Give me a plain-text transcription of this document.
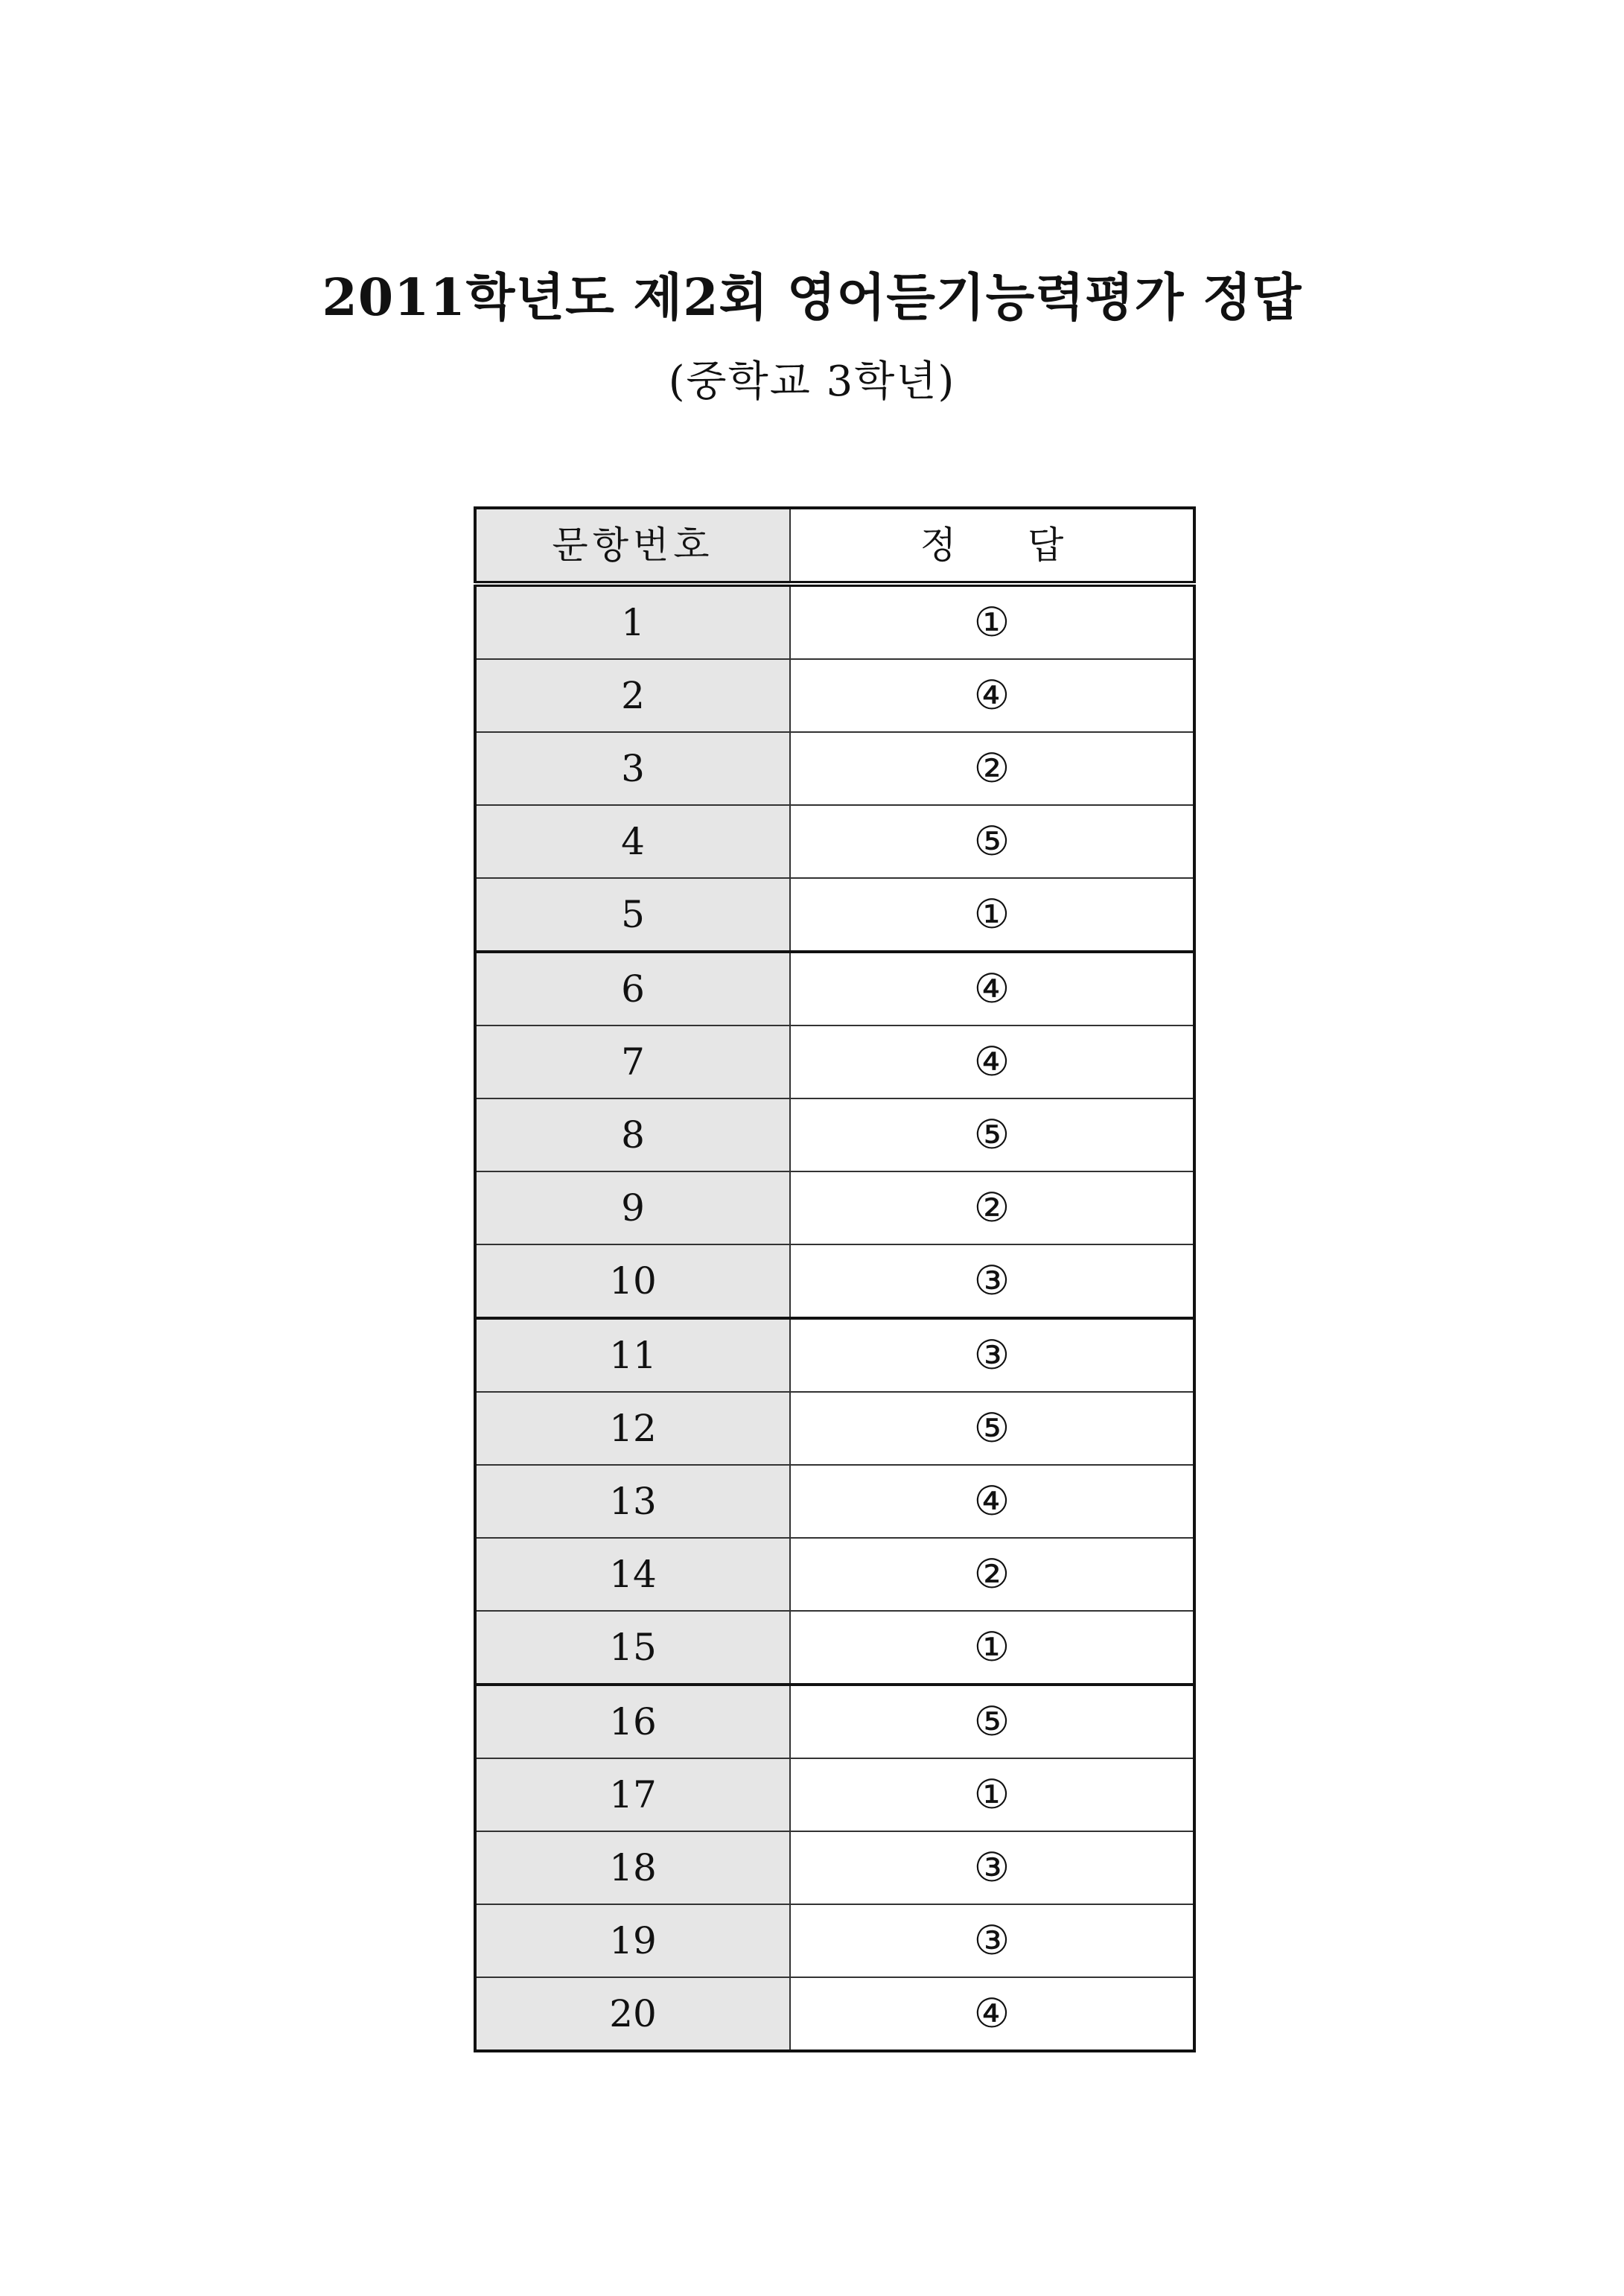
2011학년도 제2회 영어듣기능력평가 정답
(중학교 3학년)
문항번호	정 답
1	①
2	④
3	②
4	⑤
5	①
6	④
7	④
8	⑤
9	②
10	③
11	③
12	⑤
13	④
14	②
15	①
16	⑤
17	①
18	③
19	③
20	④
